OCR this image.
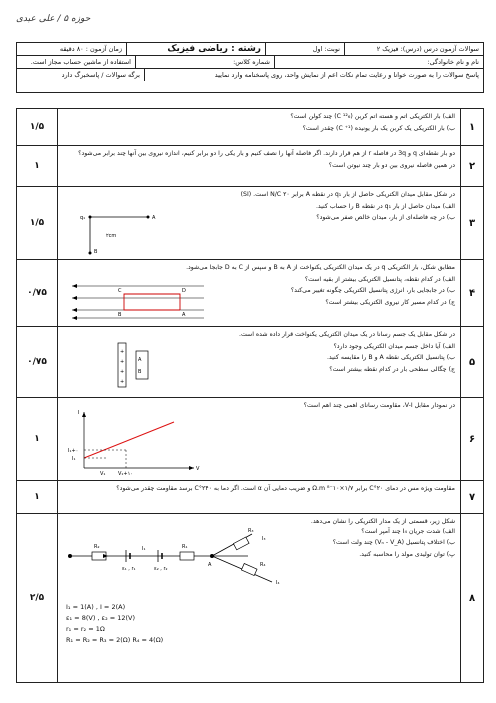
حوزه ۵ / علی عبدی
سوالات آزمون درس (درس): فیزیک ۲
نوبت: اول
رشته : ریاضی فیزیک
زمان آزمون : ۸۰ دقیقه
نام و نام خانوادگی:
شماره کلاس:
استفاده از ماشین حساب مجاز است.
پاسخ سوالات را به صورت خوانا و رعایت تمام نکات اعم از نمایش واحد، روی پاسخنامه وارد نمایید
برگه سوالات / پاسخبرگ دارد
۱

الف) بار الکتریکی اتم و هسته اتم کربن (C ¹²₆) چند کولن است؟

ب) بار الکتریکی یک کربن یک بار یونیده (C ⁺¹) چقدر است؟

۱/۵
۲

دو بار نقطه‌ای q و 3q در فاصله r از هم قرار دارند. اگر فاصله آنها را نصف کنیم و بار یکی را دو برابر کنیم، اندازه نیروی بین آنها چند برابر می‌شود؟

در همین فاصله نیروی بین دو بار چند نیوتن است؟

۱
۳

در شکل مقابل میدان الکتریکی حاصل از بار q₁ در نقطه A برابر ۲۰ N/C است. (SI)

الف) میدان حاصل از بار q₁ در نقطه B را حساب کنید.

ب) در چه فاصله‌ای از بار، میدان خالص صفر می‌شود؟

q₁	A
۲cm
B
۱/۵
۴

مطابق شکل، بار الکتریکی q در یک میدان الکتریکی یکنواخت از A به B و سپس از C به D جابجا می‌شود.

الف) در کدام نقطه، پتانسیل الکتریکی بیشتر از بقیه است؟

ب) در جابجایی بار، انرژی پتانسیل الکتریکی چگونه تغییر می‌کند؟

ج) در کدام مسیر کار نیروی الکتریکی بیشتر است؟

C	D
B	A
۰/۷۵
۵

در شکل مقابل یک جسم رسانا در یک میدان الکتریکی یکنواخت قرار داده شده است.

الف) آیا داخل جسم میدان الکتریکی وجود دارد؟

ب) پتانسیل الکتریکی نقطه A و B را مقایسه کنید.

ج) چگالی سطحی بار در کدام نقطه بیشتر است؟

+
+
+
+
A
B
۰/۷۵
۶

در نمودار مقابل V-I، مقاومت رسانای اهمی چند اهم است؟

I₁+۰
I₁
V₁+۱۰
V₁
V
I
۱
۷

مقاومت ویژه مس در دمای ۲۰°C برابر ۱/۷×۱۰⁻⁸ Ω.m و ضریب دمایی آن α است. اگر دما به ۲۴۰°C برسد مقاومت چقدر می‌شود؟

۱
۸

شکل زیر، قسمتی از یک مدار الکتریکی را نشان می‌دهد. الف) شدت جریان I₄ چند آمپر است؟

ب) اختلاف پتانسیل (Vₙ - V_A) چند ولت است؟

پ) توان تولیدی مولد را محاسبه کنید.

R₂
ε₁ , r₁	ε₂ , r₂
R₁
A
R₃
R₄
I₃
I₄
I₁
I₁ = 1(A) , I = 2(A)
ε₁ = 8(V) , ε₂ = 12(V)
r₁ = r₂ = 1Ω
R₁ = R₂ = R₃ = 2(Ω) R₄ = 4(Ω)
۲/۵
